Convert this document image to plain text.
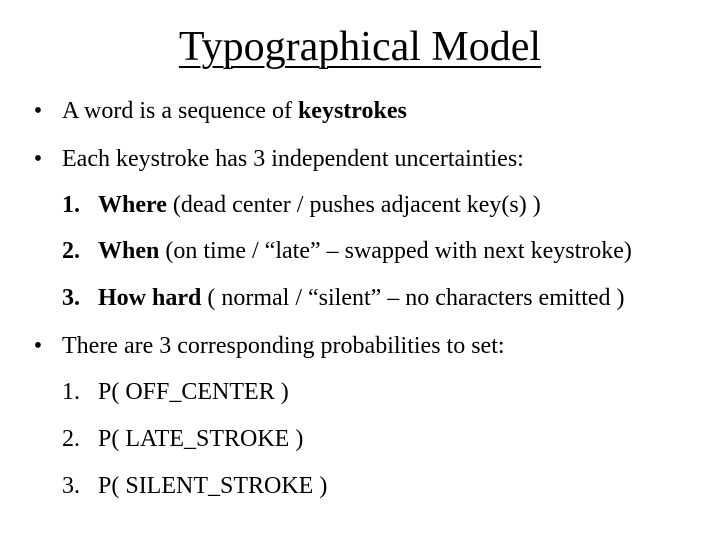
Typographical Model
• A word is a sequence of keystrokes
• Each keystroke has 3 independent uncertainties:
1. Where (dead center / pushes adjacent key(s) )
2. When (on time / “late” – swapped with next keystroke)
3. How hard ( normal / “silent” – no characters emitted )
• There are 3 corresponding probabilities to set:
1. P( OFF_CENTER )
2. P( LATE_STROKE )
3. P( SILENT_STROKE )
